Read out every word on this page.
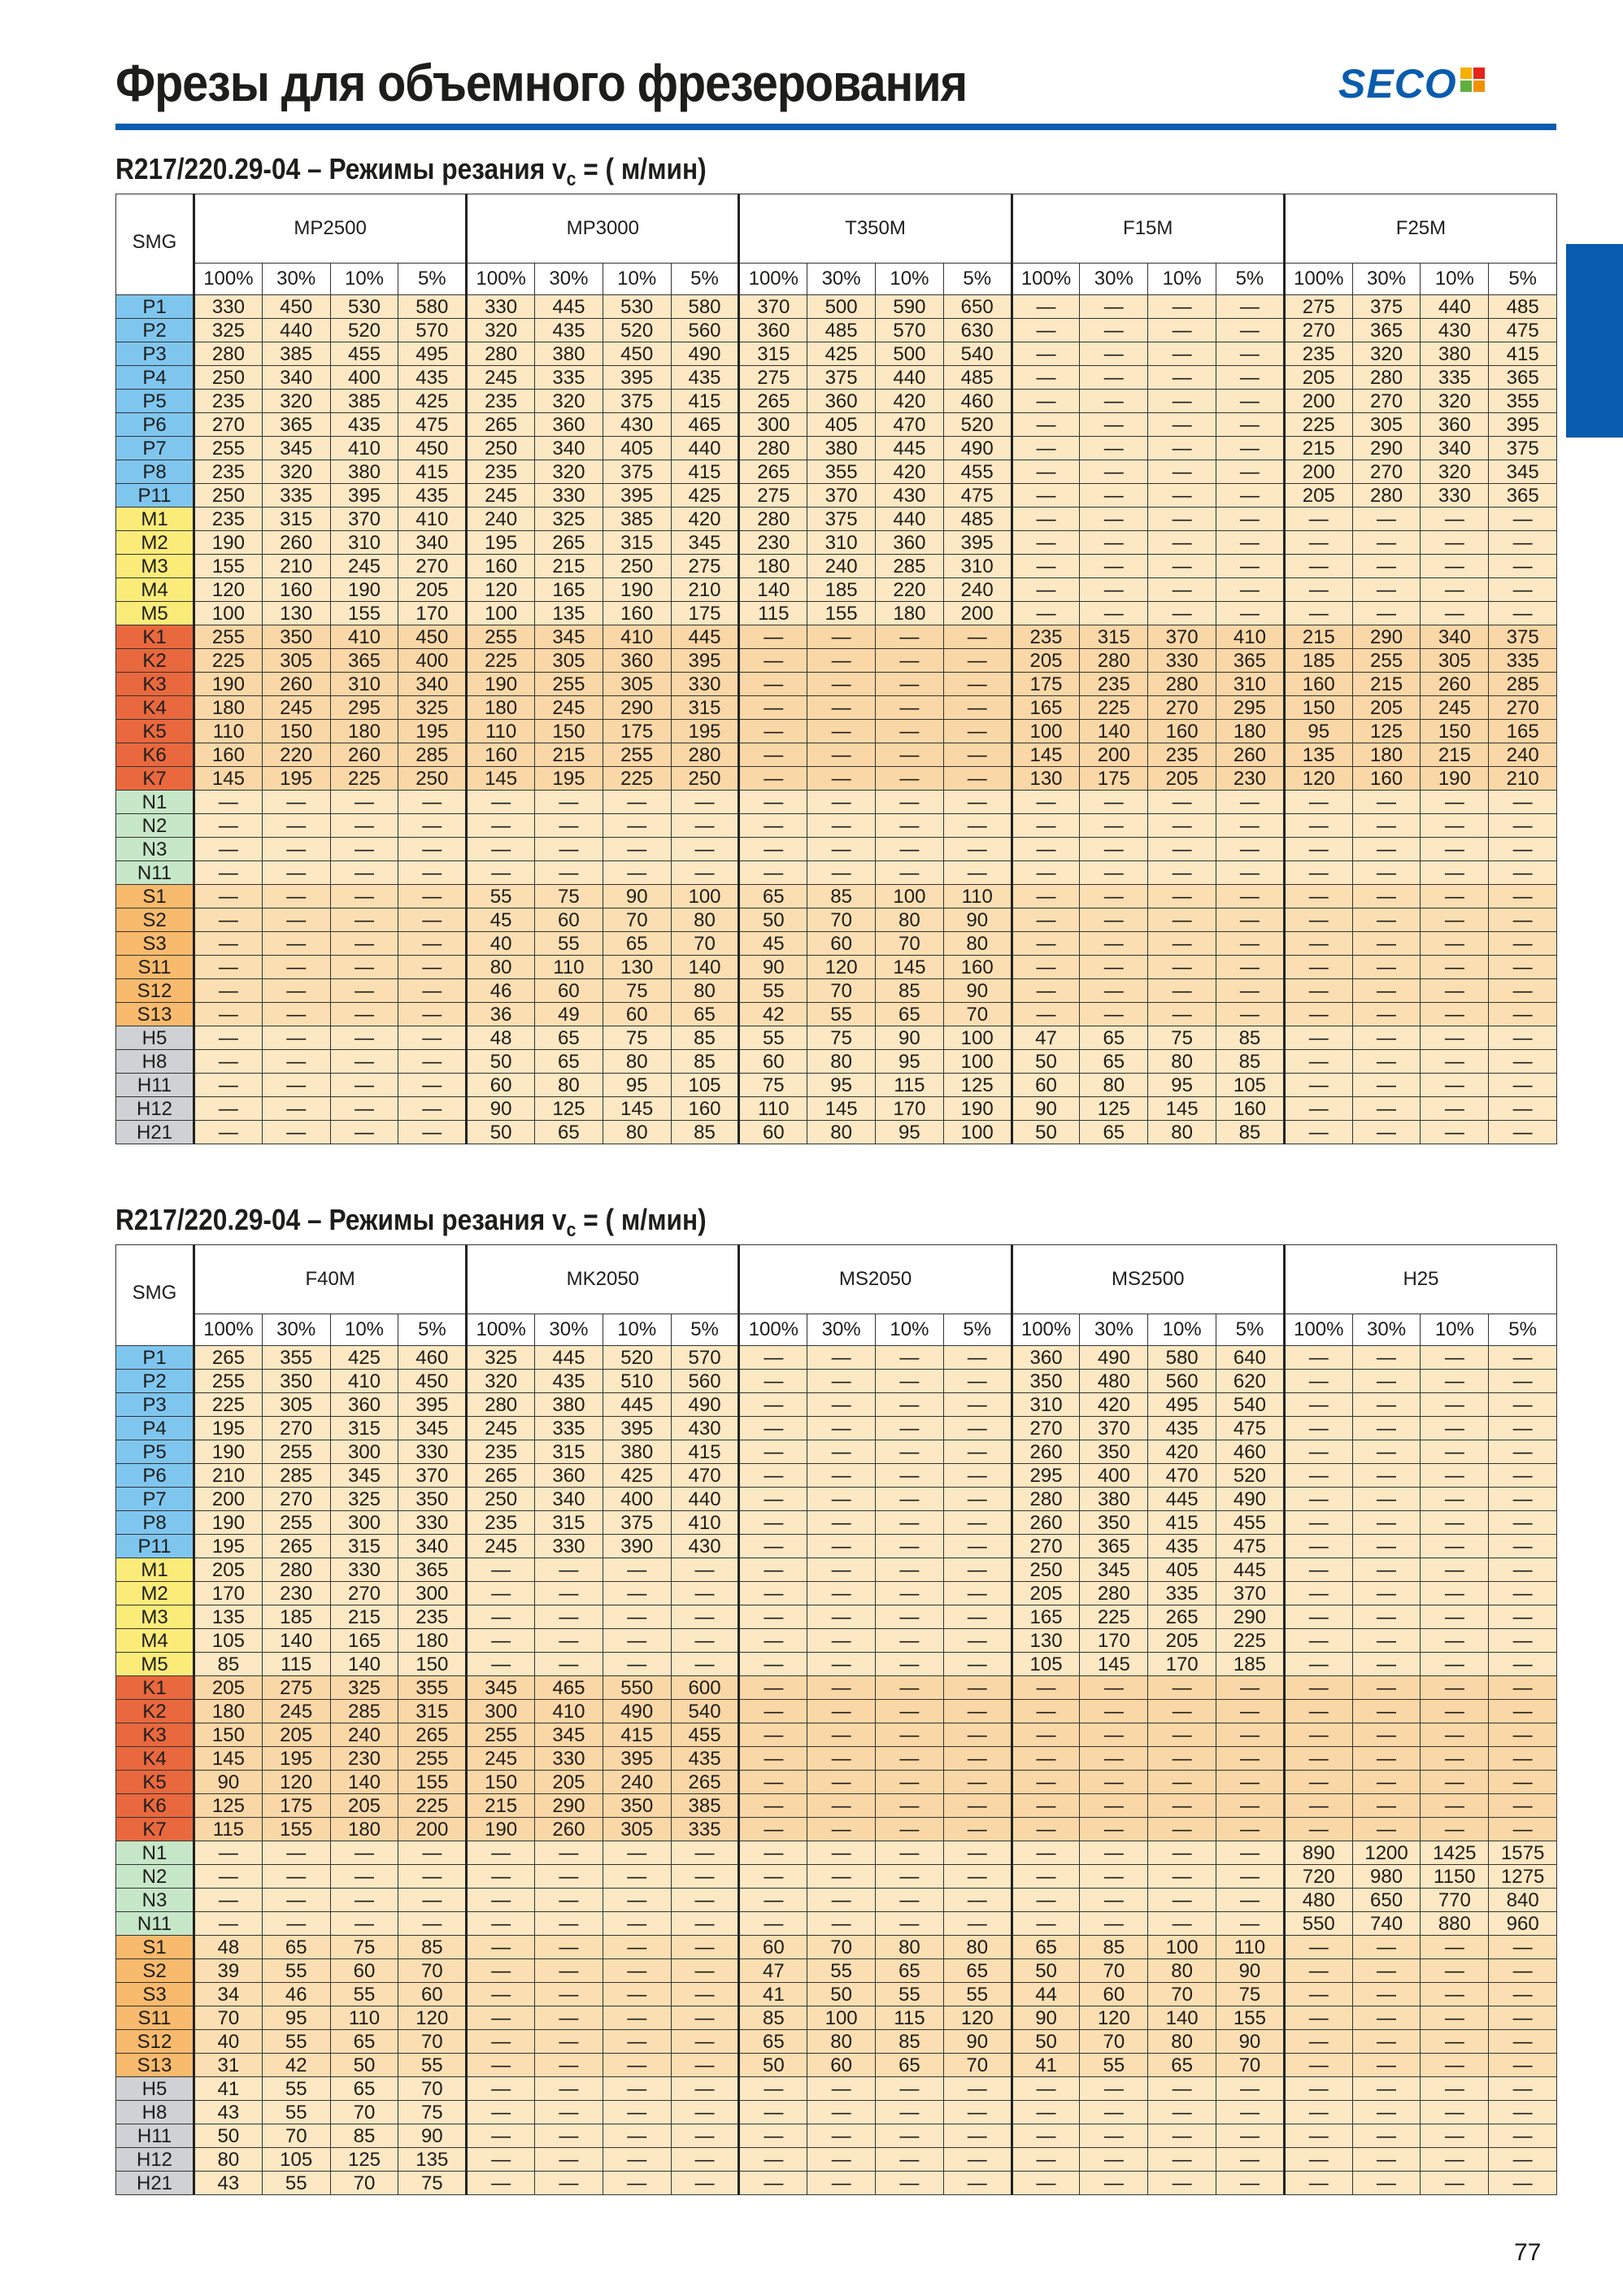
Фрезы для объемного фрезерования	SECO
R217/220.29-04 – Режимы резания $v_c$ = ( м/мин)
SMG	MP2500				MP3000				T350M				F15M				F25M			
	100%	30%	10%	5%	100%	30%	10%	5%	100%	30%	10%	5%	100%	30%	10%	5%	100%	30%	10%	5%
P1	330	450	530	580	330	445	530	580	370	500	590	650	—	—	—	—	275	375	440	485
P2	325	440	520	570	320	435	520	560	360	485	570	630	—	—	—	—	270	365	430	475
P3	280	385	455	495	280	380	450	490	315	425	500	540	—	—	—	—	235	320	380	415
P4	250	340	400	435	245	335	395	435	275	375	440	485	—	—	—	—	205	280	335	365
P5	235	320	385	425	235	320	375	415	265	360	420	460	—	—	—	—	200	270	320	355
P6	270	365	435	475	265	360	430	465	300	405	470	520	—	—	—	—	225	305	360	395
P7	255	345	410	450	250	340	405	440	280	380	445	490	—	—	—	—	215	290	340	375
P8	235	320	380	415	235	320	375	415	265	355	420	455	—	—	—	—	200	270	320	345
P11	250	335	395	435	245	330	395	425	275	370	430	475	—	—	—	—	205	280	330	365
M1	235	315	370	410	240	325	385	420	280	375	440	485	—	—	—	—	—	—	—	—
M2	190	260	310	340	195	265	315	345	230	310	360	395	—	—	—	—	—	—	—	—
M3	155	210	245	270	160	215	250	275	180	240	285	310	—	—	—	—	—	—	—	—
M4	120	160	190	205	120	165	190	210	140	185	220	240	—	—	—	—	—	—	—	—
M5	100	130	155	170	100	135	160	175	115	155	180	200	—	—	—	—	—	—	—	—
K1	255	350	410	450	255	345	410	445	—	—	—	—	235	315	370	410	215	290	340	375
K2	225	305	365	400	225	305	360	395	—	—	—	—	205	280	330	365	185	255	305	335
K3	190	260	310	340	190	255	305	330	—	—	—	—	175	235	280	310	160	215	260	285
K4	180	245	295	325	180	245	290	315	—	—	—	—	165	225	270	295	150	205	245	270
K5	110	150	180	195	110	150	175	195	—	—	—	—	100	140	160	180	95	125	150	165
K6	160	220	260	285	160	215	255	280	—	—	—	—	145	200	235	260	135	180	215	240
K7	145	195	225	250	145	195	225	250	—	—	—	—	130	175	205	230	120	160	190	210
N1	—	—	—	—	—	—	—	—	—	—	—	—	—	—	—	—	—	—	—	—
N2	—	—	—	—	—	—	—	—	—	—	—	—	—	—	—	—	—	—	—	—
N3	—	—	—	—	—	—	—	—	—	—	—	—	—	—	—	—	—	—	—	—
N11	—	—	—	—	—	—	—	—	—	—	—	—	—	—	—	—	—	—	—	—
S1	—	—	—	—	55	75	90	100	65	85	100	110	—	—	—	—	—	—	—	—
S2	—	—	—	—	45	60	70	80	50	70	80	90	—	—	—	—	—	—	—	—
S3	—	—	—	—	40	55	65	70	45	60	70	80	—	—	—	—	—	—	—	—
S11	—	—	—	—	80	110	130	140	90	120	145	160	—	—	—	—	—	—	—	—
S12	—	—	—	—	46	60	75	80	55	70	85	90	—	—	—	—	—	—	—	—
S13	—	—	—	—	36	49	60	65	42	55	65	70	—	—	—	—	—	—	—	—
H5	—	—	—	—	48	65	75	85	55	75	90	100	47	65	75	85	—	—	—	—
H8	—	—	—	—	50	65	80	85	60	80	95	100	50	65	80	85	—	—	—	—
H11	—	—	—	—	60	80	95	105	75	95	115	125	60	80	95	105	—	—	—	—
H12	—	—	—	—	90	125	145	160	110	145	170	190	90	125	145	160	—	—	—	—
H21	—	—	—	—	50	65	80	85	60	80	95	100	50	65	80	85	—	—	—	—
R217/220.29-04 – Режимы резания $v_c$ = ( м/мин)
SMG	F40M				MK2050				MS2050				MS2500				H25			
	100%	30%	10%	5%	100%	30%	10%	5%	100%	30%	10%	5%	100%	30%	10%	5%	100%	30%	10%	5%
P1	265	355	425	460	325	445	520	570	—	—	—	—	360	490	580	640	—	—	—	—
P2	255	350	410	450	320	435	510	560	—	—	—	—	350	480	560	620	—	—	—	—
P3	225	305	360	395	280	380	445	490	—	—	—	—	310	420	495	540	—	—	—	—
P4	195	270	315	345	245	335	395	430	—	—	—	—	270	370	435	475	—	—	—	—
P5	190	255	300	330	235	315	380	415	—	—	—	—	260	350	420	460	—	—	—	—
P6	210	285	345	370	265	360	425	470	—	—	—	—	295	400	470	520	—	—	—	—
P7	200	270	325	350	250	340	400	440	—	—	—	—	280	380	445	490	—	—	—	—
P8	190	255	300	330	235	315	375	410	—	—	—	—	260	350	415	455	—	—	—	—
P11	195	265	315	340	245	330	390	430	—	—	—	—	270	365	435	475	—	—	—	—
M1	205	280	330	365	—	—	—	—	—	—	—	—	250	345	405	445	—	—	—	—
M2	170	230	270	300	—	—	—	—	—	—	—	—	205	280	335	370	—	—	—	—
M3	135	185	215	235	—	—	—	—	—	—	—	—	165	225	265	290	—	—	—	—
M4	105	140	165	180	—	—	—	—	—	—	—	—	130	170	205	225	—	—	—	—
M5	85	115	140	150	—	—	—	—	—	—	—	—	105	145	170	185	—	—	—	—
K1	205	275	325	355	345	465	550	600	—	—	—	—	—	—	—	—	—	—	—	—
K2	180	245	285	315	300	410	490	540	—	—	—	—	—	—	—	—	—	—	—	—
K3	150	205	240	265	255	345	415	455	—	—	—	—	—	—	—	—	—	—	—	—
K4	145	195	230	255	245	330	395	435	—	—	—	—	—	—	—	—	—	—	—	—
K5	90	120	140	155	150	205	240	265	—	—	—	—	—	—	—	—	—	—	—	—
K6	125	175	205	225	215	290	350	385	—	—	—	—	—	—	—	—	—	—	—	—
K7	115	155	180	200	190	260	305	335	—	—	—	—	—	—	—	—	—	—	—	—
N1	—	—	—	—	—	—	—	—	—	—	—	—	—	—	—	—	890	1200	1425	1575
N2	—	—	—	—	—	—	—	—	—	—	—	—	—	—	—	—	720	980	1150	1275
N3	—	—	—	—	—	—	—	—	—	—	—	—	—	—	—	—	480	650	770	840
N11	—	—	—	—	—	—	—	—	—	—	—	—	—	—	—	—	550	740	880	960
S1	48	65	75	85	—	—	—	—	60	70	80	80	65	85	100	110	—	—	—	—
S2	39	55	60	70	—	—	—	—	47	55	65	65	50	70	80	90	—	—	—	—
S3	34	46	55	60	—	—	—	—	41	50	55	55	44	60	70	75	—	—	—	—
S11	70	95	110	120	—	—	—	—	85	100	115	120	90	120	140	155	—	—	—	—
S12	40	55	65	70	—	—	—	—	65	80	85	90	50	70	80	90	—	—	—	—
S13	31	42	50	55	—	—	—	—	50	60	65	70	41	55	65	70	—	—	—	—
H5	41	55	65	70	—	—	—	—	—	—	—	—	—	—	—	—	—	—	—	—
H8	43	55	70	75	—	—	—	—	—	—	—	—	—	—	—	—	—	—	—	—
H11	50	70	85	90	—	—	—	—	—	—	—	—	—	—	—	—	—	—	—	—
H12	80	105	125	135	—	—	—	—	—	—	—	—	—	—	—	—	—	—	—	—
H21	43	55	70	75	—	—	—	—	—	—	—	—	—	—	—	—	—	—	—	—
77
